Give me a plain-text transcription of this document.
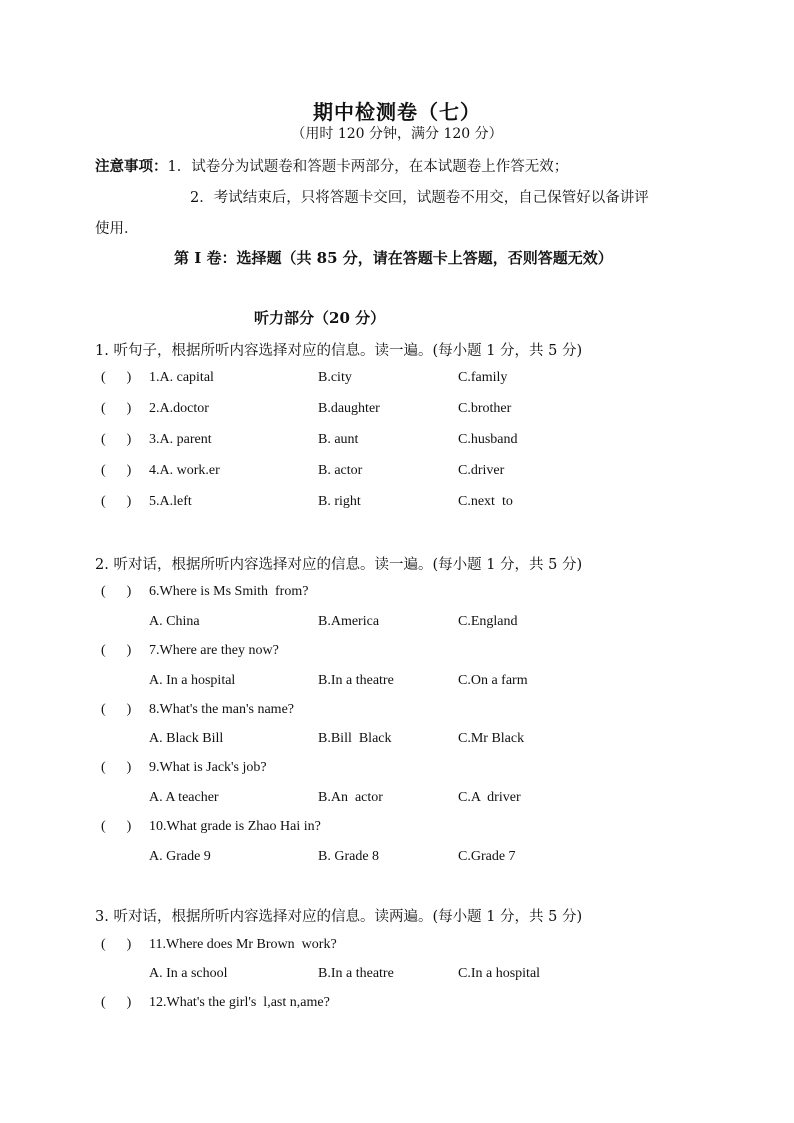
期中检测卷（七）
（用时 120 分钟，满分 120 分）
注意事项：1．试卷分为试题卷和答题卡两部分，在本试题卷上作答无效；
2．考试结束后，只将答题卡交回，试题卷不用交，自己保管好以备讲评
使用．
第 I 卷：选择题（共 85 分，请在答题卡上答题，否则答题无效）
听力部分（20 分）
1. 听句子，根据所听内容选择对应的信息。读一遍。(每小题 1 分，共 5 分)
(      ) 1.A. capital	B.city	C.family
(      ) 2.A.doctor	B.daughter	C.brother
(      ) 3.A. parent	B. aunt	C.husband
(      ) 4.A. work.er	B. actor	C.driver
(      ) 5.A.left	B. right	C.next  to
2. 听对话，根据所听内容选择对应的信息。读一遍。(每小题 1 分，共 5 分)
(      ) 6.Where is Ms Smith  from?
A. China	B.America	C.England
(      ) 7.Where are they now?
A. In a hospital	B.In a theatre	C.On a farm
(      ) 8.What's the man's name?
A. Black Bill	B.Bill  Black	C.Mr Black
(      ) 9.What is Jack's job?
A. A teacher	B.An  actor	C.A  driver
(      ) 10.What grade is Zhao Hai in?
A. Grade 9	B. Grade 8	C.Grade 7
3. 听对话，根据所听内容选择对应的信息。读两遍。(每小题 1 分，共 5 分)
(      ) 11.Where does Mr Brown  work?
A. In a school	B.In a theatre	C.In a hospital
(      ) 12.What's the girl's  l,ast n,ame?
